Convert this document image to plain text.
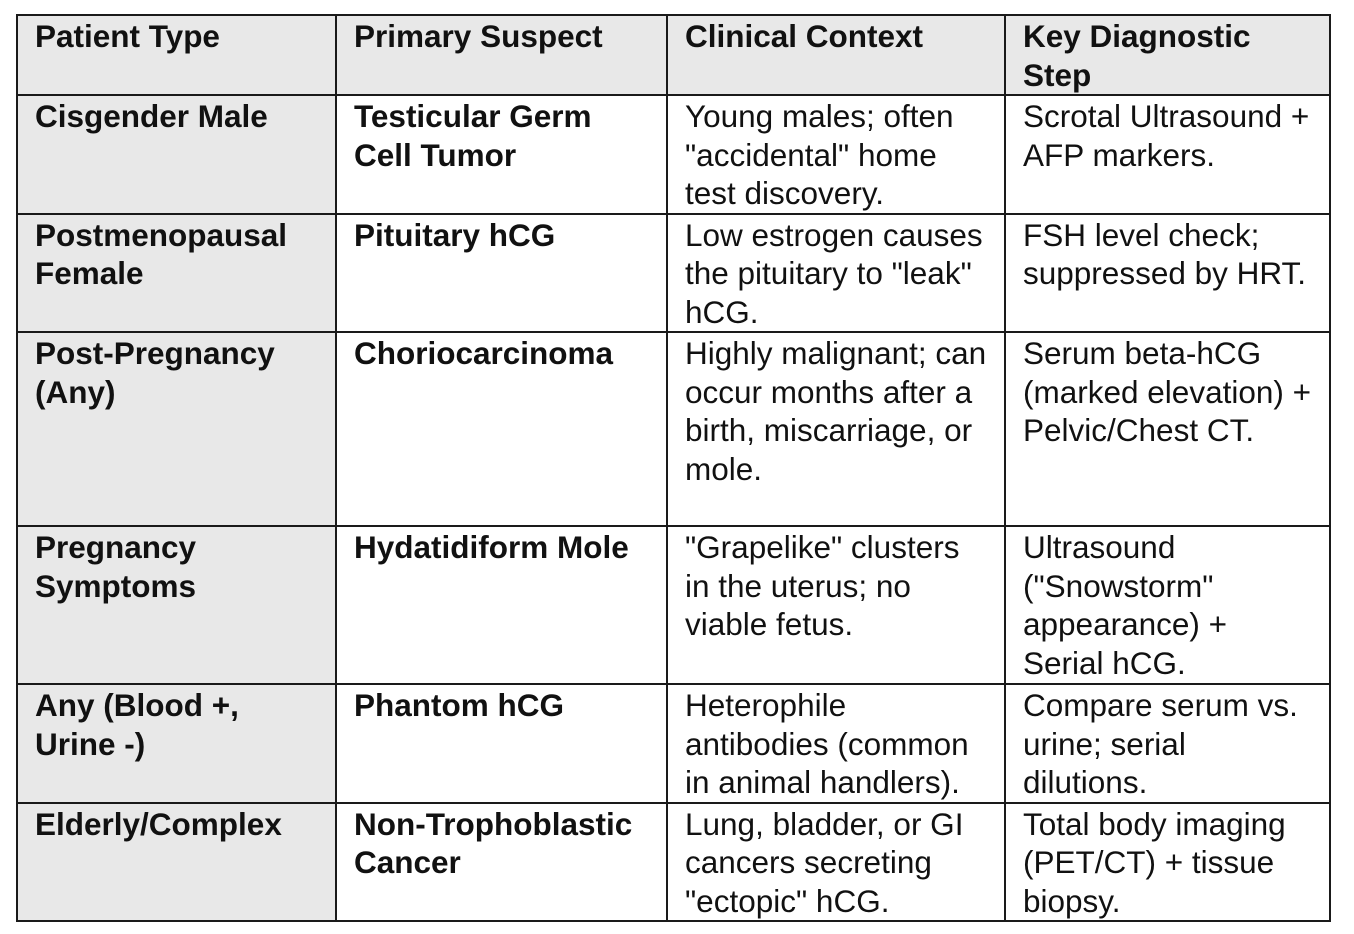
Patient Type	Primary Suspect	Clinical Context	Key Diagnostic Step
Cisgender Male	Testicular Germ Cell Tumor	Young males; often "accidental" home test discovery.	Scrotal Ultrasound + AFP markers.
Postmenopausal Female	Pituitary hCG	Low estrogen causes the pituitary to "leak" hCG.	FSH level check; suppressed by HRT.
Post-Pregnancy (Any)	Choriocarcinoma	Highly malignant; can occur months after a birth, miscarriage, or mole.	Serum beta-hCG (marked elevation) + Pelvic/Chest CT.
Pregnancy Symptoms	Hydatidiform Mole	"Grapelike" clusters in the uterus; no viable fetus.	Ultrasound ("Snowstorm" appearance) + Serial hCG.
Any (Blood +, Urine -)	Phantom hCG	Heterophile antibodies (common in animal handlers).	Compare serum vs. urine; serial dilutions.
Elderly/Complex	Non-Trophoblastic Cancer	Lung, bladder, or GI cancers secreting "ectopic" hCG.	Total body imaging (PET/CT) + tissue biopsy.
